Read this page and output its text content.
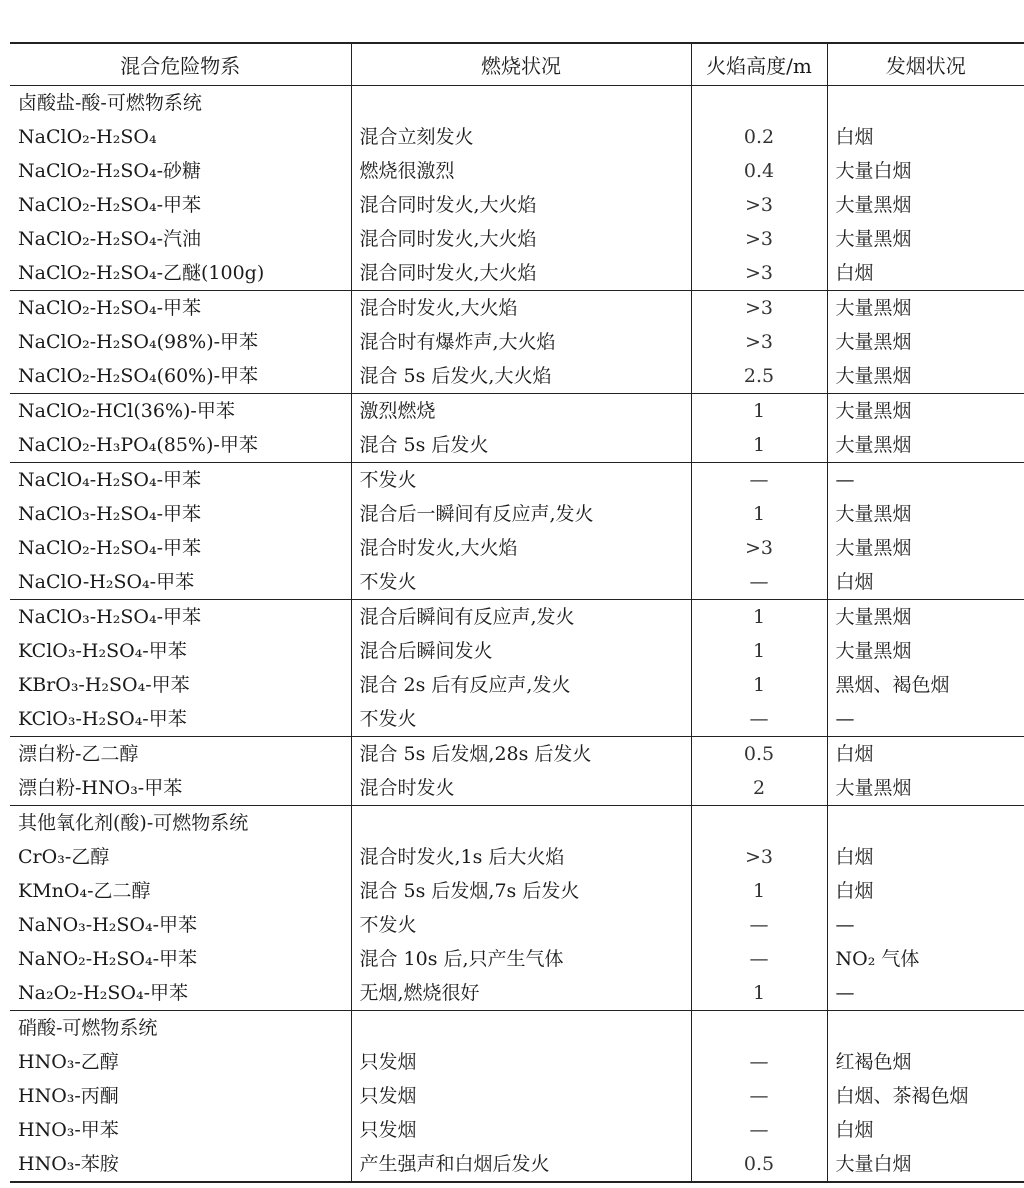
混合危险物系	燃烧状况	火焰高度/m	发烟状况
卤酸盐-酸-可燃物系统			
NaClO₂-H₂SO₄	混合立刻发火	0.2	白烟
NaClO₂-H₂SO₄-砂糖	燃烧很激烈	0.4	大量白烟
NaClO₂-H₂SO₄-甲苯	混合同时发火,大火焰	>3	大量黑烟
NaClO₂-H₂SO₄-汽油	混合同时发火,大火焰	>3	大量黑烟
NaClO₂-H₂SO₄-乙醚(100g)	混合同时发火,大火焰	>3	白烟
NaClO₂-H₂SO₄-甲苯	混合时发火,大火焰	>3	大量黑烟
NaClO₂-H₂SO₄(98%)-甲苯	混合时有爆炸声,大火焰	>3	大量黑烟
NaClO₂-H₂SO₄(60%)-甲苯	混合 5s 后发火,大火焰	2.5	大量黑烟
NaClO₂-HCl(36%)-甲苯	激烈燃烧	1	大量黑烟
NaClO₂-H₃PO₄(85%)-甲苯	混合 5s 后发火	1	大量黑烟
NaClO₄-H₂SO₄-甲苯	不发火	—	—
NaClO₃-H₂SO₄-甲苯	混合后一瞬间有反应声,发火	1	大量黑烟
NaClO₂-H₂SO₄-甲苯	混合时发火,大火焰	>3	大量黑烟
NaClO-H₂SO₄-甲苯	不发火	—	白烟
NaClO₃-H₂SO₄-甲苯	混合后瞬间有反应声,发火	1	大量黑烟
KClO₃-H₂SO₄-甲苯	混合后瞬间发火	1	大量黑烟
KBrO₃-H₂SO₄-甲苯	混合 2s 后有反应声,发火	1	黑烟、褐色烟
KClO₃-H₂SO₄-甲苯	不发火	—	—
漂白粉-乙二醇	混合 5s 后发烟,28s 后发火	0.5	白烟
漂白粉-HNO₃-甲苯	混合时发火	2	大量黑烟
其他氧化剂(酸)-可燃物系统			
CrO₃-乙醇	混合时发火,1s 后大火焰	>3	白烟
KMnO₄-乙二醇	混合 5s 后发烟,7s 后发火	1	白烟
NaNO₃-H₂SO₄-甲苯	不发火	—	—
NaNO₂-H₂SO₄-甲苯	混合 10s 后,只产生气体	—	NO₂ 气体
Na₂O₂-H₂SO₄-甲苯	无烟,燃烧很好	1	—
硝酸-可燃物系统			
HNO₃-乙醇	只发烟	—	红褐色烟
HNO₃-丙酮	只发烟	—	白烟、茶褐色烟
HNO₃-甲苯	只发烟	—	白烟
HNO₃-苯胺	产生强声和白烟后发火	0.5	大量白烟
